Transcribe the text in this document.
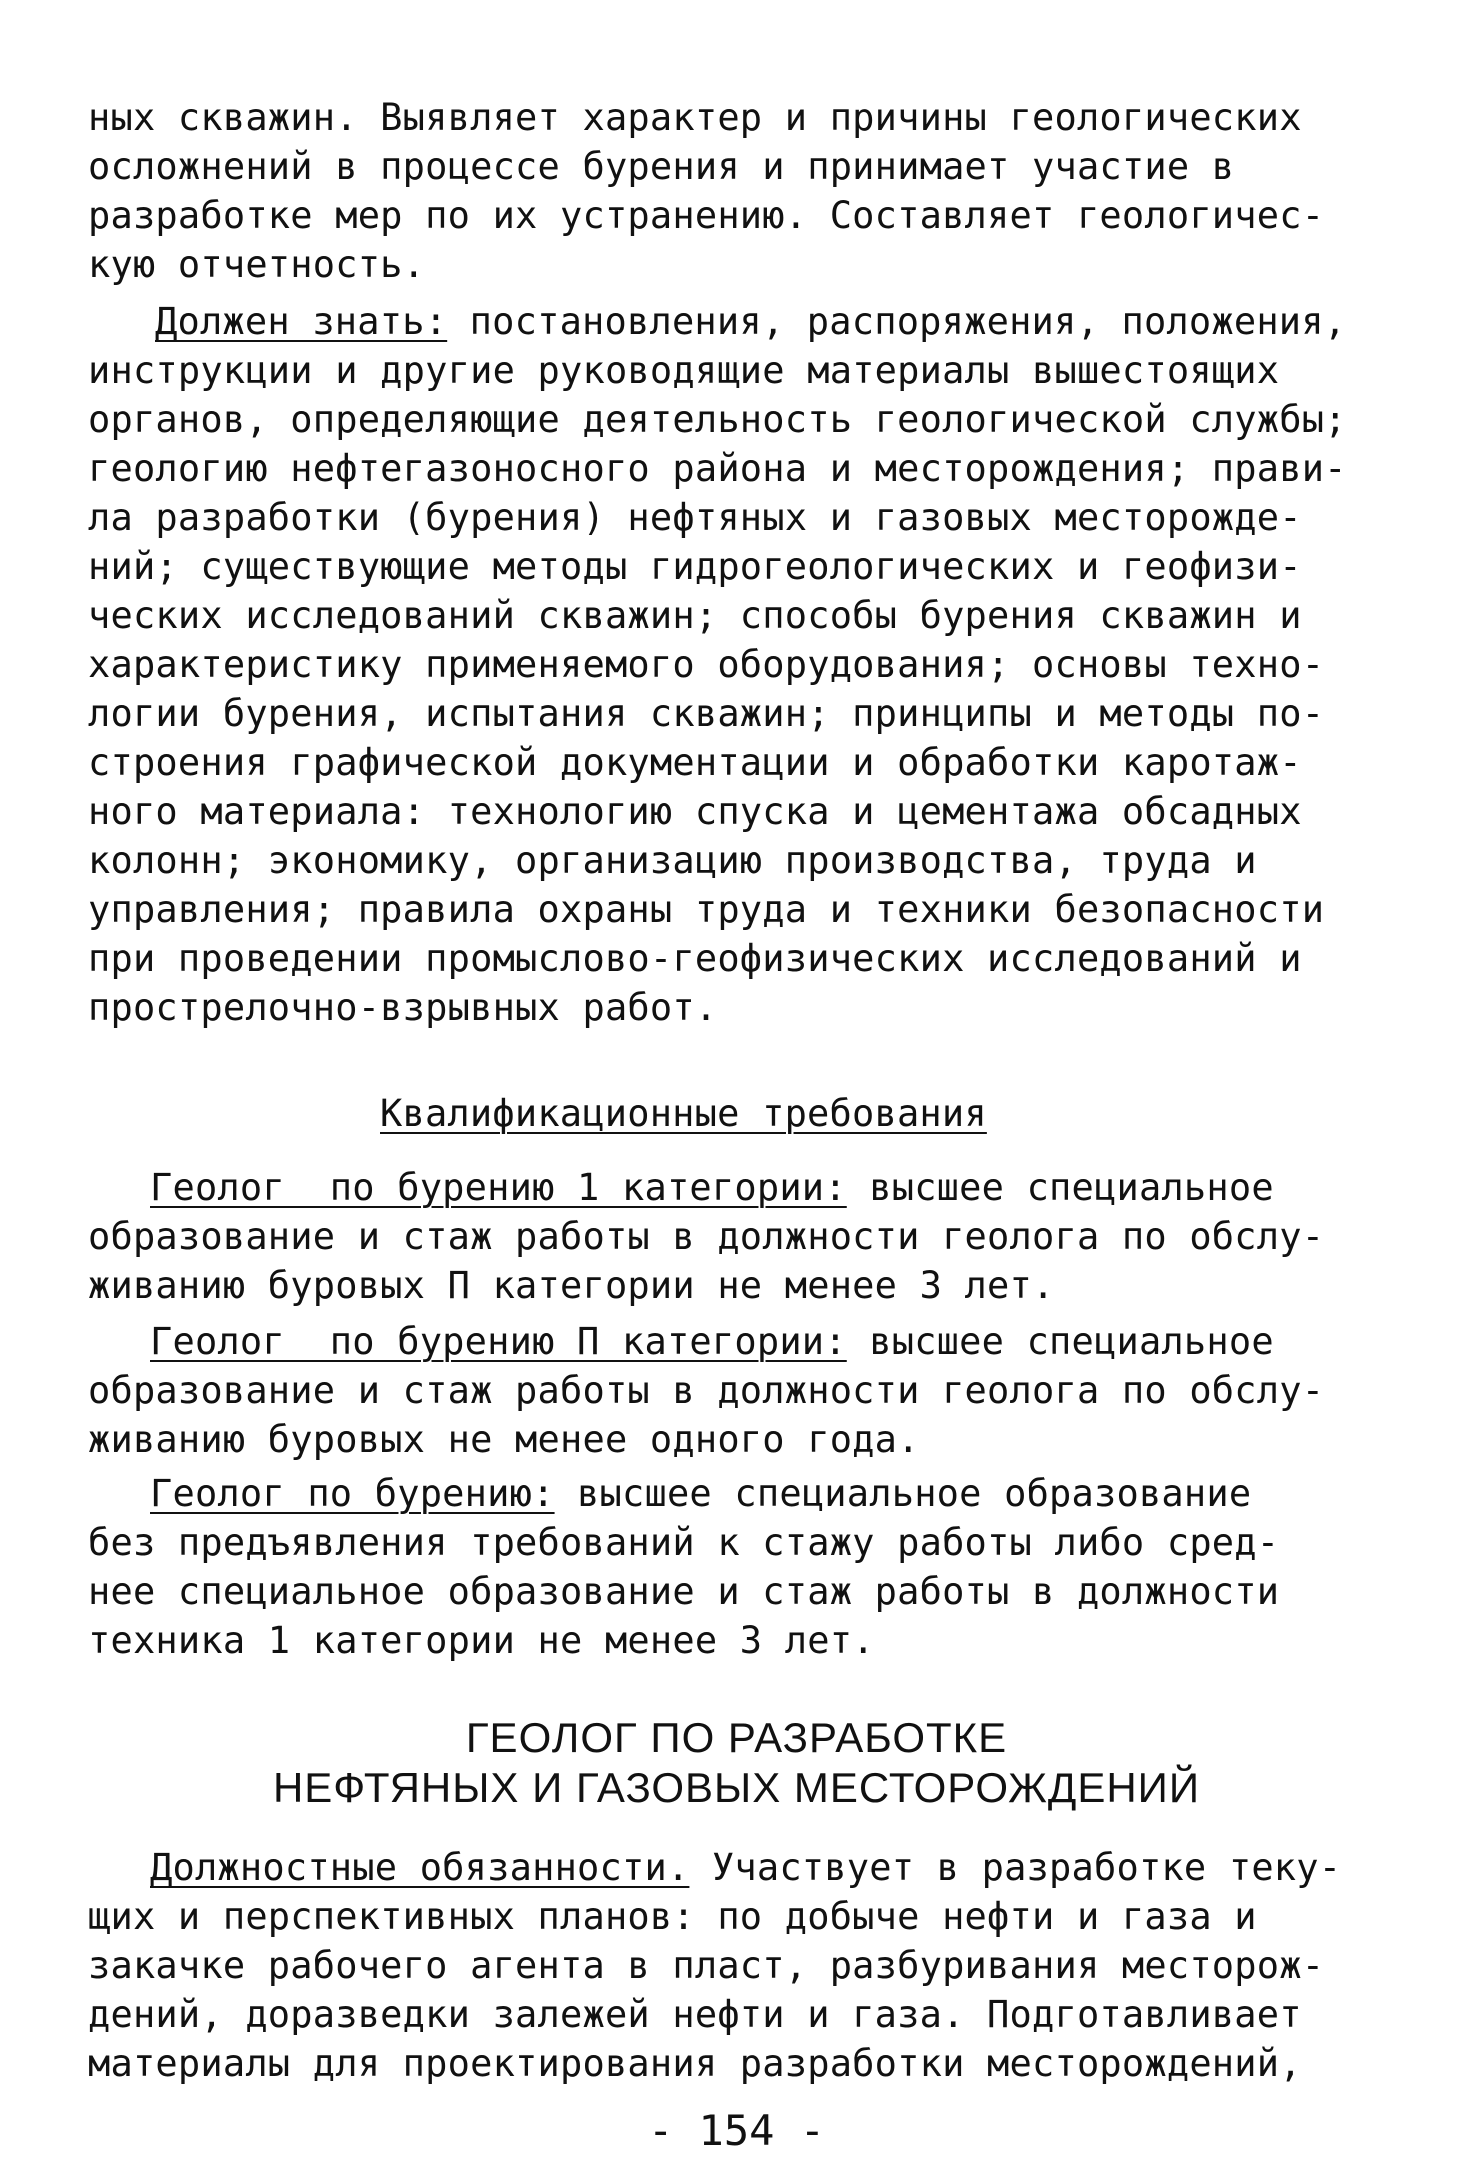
ных скважин. Выявляет характер и причины геологических
осложнений в процессе бурения и принимает участие в
разработке мер по их устранению. Составляет геологичес-
кую отчетность.
Должен знать: постановления, распоряжения, положения,
инструкции и другие руководящие материалы вышестоящих
органов, определяющие деятельность геологической службы;
геологию нефтегазоносного района и месторождения; прави-
ла разработки (бурения) нефтяных и газовых месторожде-
ний; существующие методы гидрогеологических и геофизи-
ческих исследований скважин; способы бурения скважин и
характеристику применяемого оборудования; основы техно-
логии бурения, испытания скважин; принципы и методы по-
строения графической документации и обработки каротаж-
ного материала: технологию спуска и цементажа обсадных
колонн; экономику, организацию производства, труда и
управления; правила охраны труда и техники безопасности
при проведении промыслово-геофизических исследований и
прострелочно-взрывных работ.
Квалификационные требования
Геолог  по бурению 1 категории: высшее специальное
образование и стаж работы в должности геолога по обслу-
живанию буровых П категории не менее 3 лет.
Геолог  по бурению П категории: высшее специальное
образование и стаж работы в должности геолога по обслу-
живанию буровых не менее одного года.
Геолог по бурению: высшее специальное образование
без предъявления требований к стажу работы либо сред-
нее специальное образование и стаж работы в должности
техника 1 категории не менее 3 лет.
ГЕОЛОГ ПО РАЗРАБОТКЕ
НЕФТЯНЫХ И ГАЗОВЫХ МЕСТОРОЖДЕНИЙ
Должностные обязанности. Участвует в разработке теку-
щих и перспективных планов: по добыче нефти и газа и
закачке рабочего агента в пласт, разбуривания месторож-
дений, доразведки залежей нефти и газа. Подготавливает
материалы для проектирования разработки месторождений,
- 154 -
